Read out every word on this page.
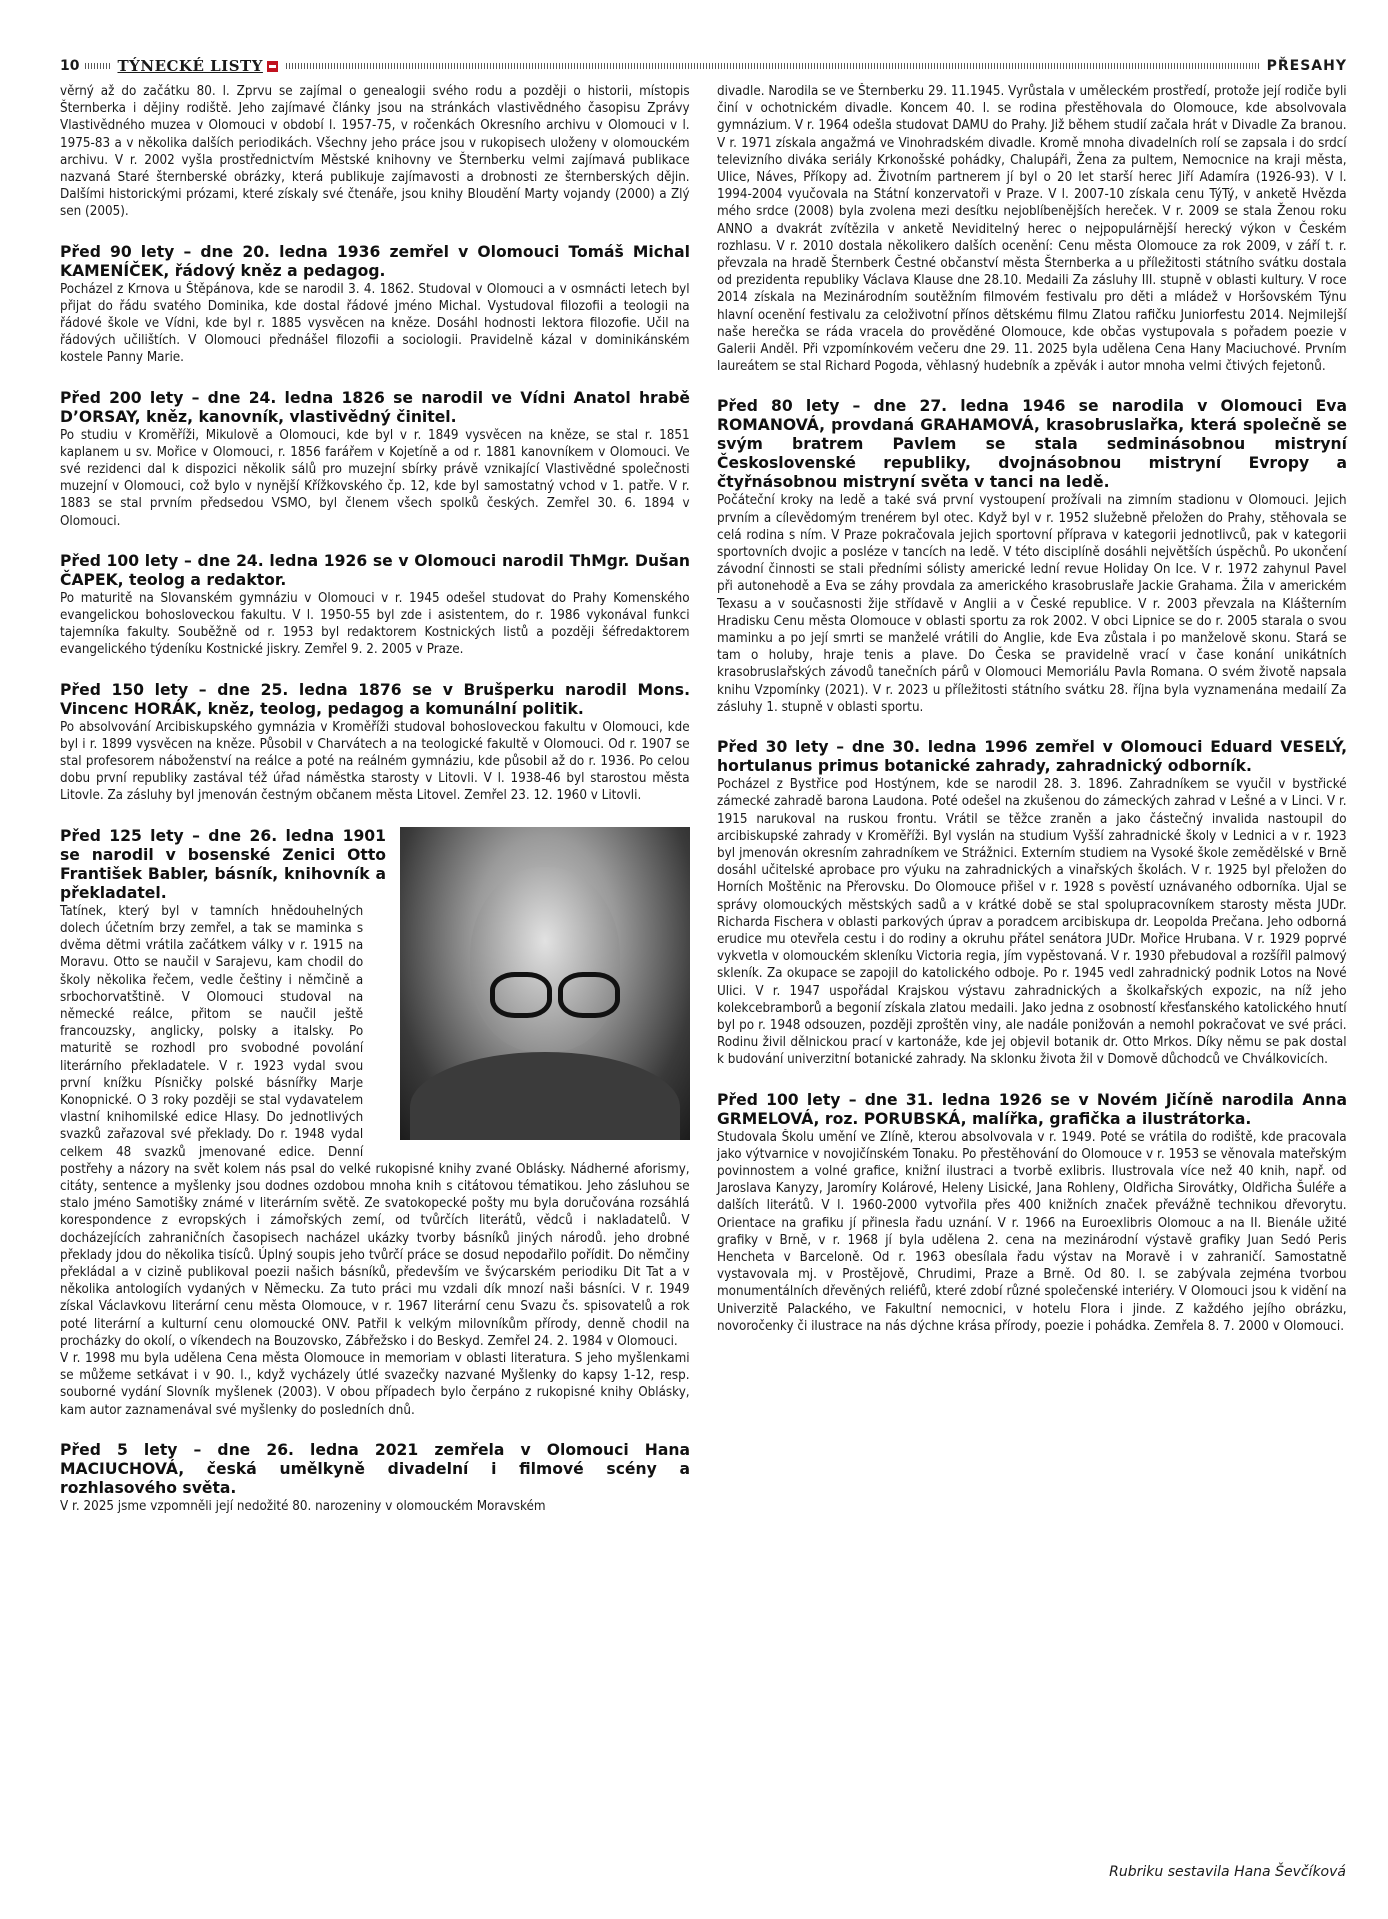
10	TÝNECKÉ LISTY	PŘESAHY

věrný až do začátku 80. l. Zprvu se zajímal o genealogii svého rodu a později o historii, místopis Šternberka i dějiny rodiště. Jeho zajímavé články jsou na stránkách vlastivědného časopisu Zprávy Vlastivědného muzea v Olomouci v období l. 1957-75, v ročenkách Okresního archivu v Olomouci v l. 1975-83 a v několika dalších periodikách. Všechny jeho práce jsou v rukopisech uloženy v olomouckém archivu. V r. 2002 vyšla prostřednictvím Městské knihovny ve Šternberku velmi zajímavá publikace nazvaná Staré šternberské obrázky, která publikuje zajímavosti a drobnosti ze šternberských dějin. Dalšími historickými prózami, které získaly své čtenáře, jsou knihy Bloudění Marty vojandy (2000) a Zlý sen (2005).

Před 90 lety – dne 20. ledna 1936 zemřel v Olomouci Tomáš Michal KAMENÍČEK, řádový kněz a pedagog.

Pocházel z Krnova u Štěpánova, kde se narodil 3. 4. 1862. Studoval v Olomouci a v osmnácti letech byl přijat do řádu svatého Dominika, kde dostal řádové jméno Michal. Vystudoval filozofii a teologii na řádové škole ve Vídni, kde byl r. 1885 vysvěcen na kněze. Dosáhl hodnosti lektora filozofie. Učil na řádových učilištích. V Olomouci přednášel filozofii a sociologii. Pravidelně kázal v dominikánském kostele Panny Marie.

Před 200 lety – dne 24. ledna 1826 se narodil ve Vídni Anatol hrabě D’ORSAY, kněz, kanovník, vlastivědný činitel.

Po studiu v Kroměříži, Mikulově a Olomouci, kde byl v r. 1849 vysvěcen na kněze, se stal r. 1851 kaplanem u sv. Mořice v Olomouci, r. 1856 farářem v Kojetíně a od r. 1881 kanovníkem v Olomouci. Ve své rezidenci dal k dispozici několik sálů pro muzejní sbírky právě vznikající Vlastivědné společnosti muzejní v Olomouci, což bylo v nynější Křížkovského čp. 12, kde byl samostatný vchod v 1. patře. V r. 1883 se stal prvním předsedou VSMO, byl členem všech spolků českých. Zemřel 30. 6. 1894 v Olomouci.

Před 100 lety – dne 24. ledna 1926 se v Olomouci narodil ThMgr. Dušan ČAPEK, teolog a redaktor.

Po maturitě na Slovanském gymnáziu v Olomouci v r. 1945 odešel studovat do Prahy Komenského evangelickou bohosloveckou fakultu. V l. 1950-55 byl zde i asistentem, do r. 1986 vykonával funkci tajemníka fakulty. Souběžně od r. 1953 byl redaktorem Kostnických listů a později šéfredaktorem evangelického týdeníku Kostnické jiskry. Zemřel 9. 2. 2005 v Praze.

Před 150 lety – dne 25. ledna 1876 se v Brušperku narodil Mons. Vincenc HORÁK, kněz, teolog, pedagog a komunální politik.

Po absolvování Arcibiskupského gymnázia v Kroměříži studoval bohosloveckou fakultu v Olomouci, kde byl i r. 1899 vysvěcen na kněze. Působil v Charvátech a na teologické fakultě v Olomouci. Od r. 1907 se stal profesorem náboženství na reálce a poté na reálném gymnáziu, kde působil až do r. 1936. Po celou dobu první republiky zastával též úřad náměstka starosty v Litovli. V l. 1938-46 byl starostou města Litovle. Za zásluhy byl jmenován čestným občanem města Litovel. Zemřel 23. 12. 1960 v Litovli.

Před 125 lety – dne 26. ledna 1901 se narodil v bosenské Zenici Otto František Babler, básník, knihovník a překladatel.

Tatínek, který byl v tamních hnědouhelných dolech účetním brzy zemřel, a tak se maminka s dvěma dětmi vrátila začátkem války v r. 1915 na Moravu. Otto se naučil v Sarajevu, kam chodil do školy několika řečem, vedle češtiny i němčině a srbochorvatštině. V Olomouci studoval na německé reálce, přitom se naučil ještě francouzsky, anglicky, polsky a italsky. Po maturitě se rozhodl pro svobodné povolání literárního překladatele. V r. 1923 vydal svou první knížku Písničky polské básnířky Marje Konopnické. O 3 roky později se stal vydavatelem vlastní knihomilské edice Hlasy. Do jednotlivých svazků zařazoval své překlady. Do r. 1948 vydal celkem 48 svazků jmenované edice. Denní postřehy a názory na svět kolem nás psal do velké rukopisné knihy zvané Oblásky. Nádherné aforismy, citáty, sentence a myšlenky jsou dodnes ozdobou mnoha knih s citátovou tématikou. Jeho zásluhou se stalo jméno Samotišky známé v literárním světě. Ze svatokopecké pošty mu byla doručována rozsáhlá korespondence z evropských i zámořských zemí, od tvůrčích literátů, vědců i nakladatelů. V docházejících zahraničních časopisech nacházel ukázky tvorby básníků jiných národů. jeho drobné překlady jdou do několika tisíců. Úplný soupis jeho tvůrčí práce se dosud nepodařilo pořídit. Do němčiny překládal a v cizině publikoval poezii našich básníků, především ve švýcarském periodiku Dit Tat a v několika antologiích vydaných v Německu. Za tuto práci mu vzdali dík mnozí naši básníci. V r. 1949 získal Václavkovu literární cenu města Olomouce, v r. 1967 literární cenu Svazu čs. spisovatelů a rok poté literární a kulturní cenu olomoucké ONV. Patřil k velkým milovníkům přírody, denně chodil na procházky do okolí, o víkendech na Bouzovsko, Zábřežsko i do Beskyd. Zemřel 24. 2. 1984 v Olomouci.

V r. 1998 mu byla udělena Cena města Olomouce in memoriam v oblasti literatura. S jeho myšlenkami se můžeme setkávat i v 90. l., když vycházely útlé svazečky nazvané Myšlenky do kapsy 1-12, resp. souborné vydání Slovník myšlenek (2003). V obou případech bylo čerpáno z rukopisné knihy Oblásky, kam autor zaznamenával své myšlenky do posledních dnů.

Před 5 lety – dne 26. ledna 2021 zemřela v Olomouci Hana MACIUCHOVÁ, česká umělkyně divadelní i filmové scény a rozhlasového světa.

V r. 2025 jsme vzpomněli její nedožité 80. narozeniny v olomouckém Moravském

divadle. Narodila se ve Šternberku 29. 11.1945. Vyrůstala v uměleckém prostředí, protože její rodiče byli činí v ochotnickém divadle. Koncem 40. l. se rodina přestěhovala do Olomouce, kde absolvovala gymnázium. V r. 1964 odešla studovat DAMU do Prahy. Již během studií začala hrát v Divadle Za branou. V r. 1971 získala angažmá ve Vinohradském divadle. Kromě mnoha divadelních rolí se zapsala i do srdcí televizního diváka seriály Krkonošské pohádky, Chalupáři, Žena za pultem, Nemocnice na kraji města, Ulice, Náves, Příkopy ad. Životním partnerem jí byl o 20 let starší herec Jiří Adamíra (1926-93). V l. 1994-2004 vyučovala na Státní konzervatoři v Praze. V l. 2007-10 získala cenu TýTý, v anketě Hvězda mého srdce (2008) byla zvolena mezi desítku nejoblíbenějších hereček. V r. 2009 se stala Ženou roku ANNO a dvakrát zvítězila v anketě Neviditelný herec o nejpopulárnější herecký výkon v Českém rozhlasu. V r. 2010 dostala několikero dalších ocenění: Cenu města Olomouce za rok 2009, v září t. r. převzala na hradě Šternberk Čestné občanství města Šternberka a u příležitosti státního svátku dostala od prezidenta republiky Václava Klause dne 28.10. Medaili Za zásluhy III. stupně v oblasti kultury. V roce 2014 získala na Mezinárodním soutěžním filmovém festivalu pro děti a mládež v Horšovském Týnu hlavní ocenění festivalu za celoživotní přínos dětskému filmu Zlatou rafičku Juniorfestu 2014. Nejmilejší naše herečka se ráda vracela do prověděné Olomouce, kde občas vystupovala s pořadem poezie v Galerii Anděl. Při vzpomínkovém večeru dne 29. 11. 2025 byla udělena Cena Hany Maciuchové. Prvním laureátem se stal Richard Pogoda, věhlasný hudebník a zpěvák i autor mnoha velmi čtivých fejetonů.

Před 80 lety – dne 27. ledna 1946 se narodila v Olomouci Eva ROMANOVÁ, provdaná GRAHAMOVÁ, krasobruslařka, která společně se svým bratrem Pavlem se stala sedminásobnou mistryní Československé republiky, dvojnásobnou mistryní Evropy a čtyřnásobnou mistryní světa v tanci na ledě.

Počáteční kroky na ledě a také svá první vystoupení prožívali na zimním stadionu v Olomouci. Jejich prvním a cílevědomým trenérem byl otec. Když byl v r. 1952 služebně přeložen do Prahy, stěhovala se celá rodina s ním. V Praze pokračovala jejich sportovní příprava v kategorii jednotlivců, pak v kategorii sportovních dvojic a posléze v tancích na ledě. V této disciplíně dosáhli největších úspěchů. Po ukončení závodní činnosti se stali předními sólisty americké lední revue Holiday On Ice. V r. 1972 zahynul Pavel při autonehodě a Eva se záhy provdala za amerického krasobruslaře Jackie Grahama. Žila v americkém Texasu a v současnosti žije střídavě v Anglii a v České republice. V r. 2003 převzala na Klášterním Hradisku Cenu města Olomouce v oblasti sportu za rok 2002. V obci Lipnice se do r. 2005 starala o svou maminku a po její smrti se manželé vrátili do Anglie, kde Eva zůstala i po manželově skonu. Stará se tam o holuby, hraje tenis a plave. Do Česka se pravidelně vrací v čase konání unikátních krasobruslařských závodů tanečních párů v Olomouci Memoriálu Pavla Romana. O svém životě napsala knihu Vzpomínky (2021). V r. 2023 u příležitosti státního svátku 28. října byla vyznamenána medailí Za zásluhy 1. stupně v oblasti sportu.

Před 30 lety – dne 30. ledna 1996 zemřel v Olomouci Eduard VESELÝ, hortulanus primus botanické zahrady, zahradnický odborník.

Pocházel z Bystřice pod Hostýnem, kde se narodil 28. 3. 1896. Zahradníkem se vyučil v bystřické zámecké zahradě barona Laudona. Poté odešel na zkušenou do zámeckých zahrad v Lešné a v Linci. V r. 1915 narukoval na ruskou frontu. Vrátil se těžce zraněn a jako částečný invalida nastoupil do arcibiskupské zahrady v Kroměříži. Byl vyslán na studium Vyšší zahradnické školy v Lednici a v r. 1923 byl jmenován okresním zahradníkem ve Strážnici. Externím studiem na Vysoké škole zemědělské v Brně dosáhl učitelské aprobace pro výuku na zahradnických a vinařských školách. V r. 1925 byl přeložen do Horních Moštěnic na Přerovsku. Do Olomouce přišel v r. 1928 s pověstí uznávaného odborníka. Ujal se správy olomouckých městských sadů a v krátké době se stal spolupracovníkem starosty města JUDr. Richarda Fischera v oblasti parkových úprav a poradcem arcibiskupa dr. Leopolda Prečana. Jeho odborná erudice mu otevřela cestu i do rodiny a okruhu přátel senátora JUDr. Mořice Hrubana. V r. 1929 poprvé vykvetla v olomouckém skleníku Victoria regia, jím vypěstovaná. V r. 1930 přebudoval a rozšířil palmový skleník. Za okupace se zapojil do katolického odboje. Po r. 1945 vedl zahradnický podnik Lotos na Nové Ulici. V r. 1947 uspořádal Krajskou výstavu zahradnických a školkařských expozic, na níž jeho kolekcebramborů a begonií získala zlatou medaili. Jako jedna z osobností křesťanského katolického hnutí byl po r. 1948 odsouzen, později zproštěn viny, ale nadále ponižován a nemohl pokračovat ve své práci. Rodinu živil dělnickou prací v kartonáže, kde jej objevil botanik dr. Otto Mrkos. Díky němu se pak dostal k budování univerzitní botanické zahrady. Na sklonku života žil v Domově důchodců ve Chválkovicích.

Před 100 lety – dne 31. ledna 1926 se v Novém Jičíně narodila Anna GRMELOVÁ, roz. PORUBSKÁ, malířka, grafička a ilustrátorka.

Studovala Školu umění ve Zlíně, kterou absolvovala v r. 1949. Poté se vrátila do rodiště, kde pracovala jako výtvarnice v novojičínském Tonaku. Po přestěhování do Olomouce v r. 1953 se věnovala mateřským povinnostem a volné grafice, knižní ilustraci a tvorbě exlibris. Ilustrovala více než 40 knih, např. od Jaroslava Kanyzy, Jaromíry Kolárové, Heleny Lisické, Jana Rohleny, Oldřicha Sirovátky, Oldřicha Šuléře a dalších literátů. V l. 1960-2000 vytvořila přes 400 knižních značek převážně technikou dřevorytu. Orientace na grafiku jí přinesla řadu uznání. V r. 1966 na Euroexlibris Olomouc a na II. Bienále užité grafiky v Brně, v r. 1968 jí byla udělena 2. cena na mezinárodní výstavě grafiky Juan Sedó Peris Hencheta v Barceloně. Od r. 1963 obesílala řadu výstav na Moravě i v zahraničí. Samostatně vystavovala mj. v Prostějově, Chrudimi, Praze a Brně. Od 80. l. se zabývala zejména tvorbou monumentálních dřevěných reliéfů, které zdobí různé společenské interiéry. V Olomouci jsou k vidění na Univerzitě Palackého, ve Fakultní nemocnici, v hotelu Flora i jinde. Z každého jejího obrázku, novoročenky či ilustrace na nás dýchne krása přírody, poezie i pohádka. Zemřela 8. 7. 2000 v Olomouci.

Rubriku sestavila Hana Ševčíková
